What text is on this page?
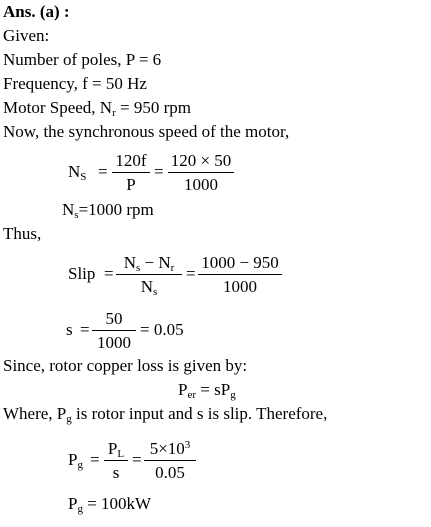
Ans. (a) :
Given:
Number of poles, P = 6
Frequency, f = 50 Hz
Motor Speed, $N_r = 950$ rpm
Now, the synchronous speed of the motor,
$N_S$ =
120f
P
=
120 × 50
1000
$N_s=1000$ rpm
Thus,
Slip =
$N_s - N_r$
$N_s$
=
1000 − 950
1000
s =
50
1000
= 0.05
Since, rotor copper loss is given by:
$P_{er} = sP_g$
Where, $P_g$ is rotor input and s is slip. Therefore,
$P_g$ =
$P_L$
s
=
$5\times 10^3$
0.05
$P_g = 100kW$
